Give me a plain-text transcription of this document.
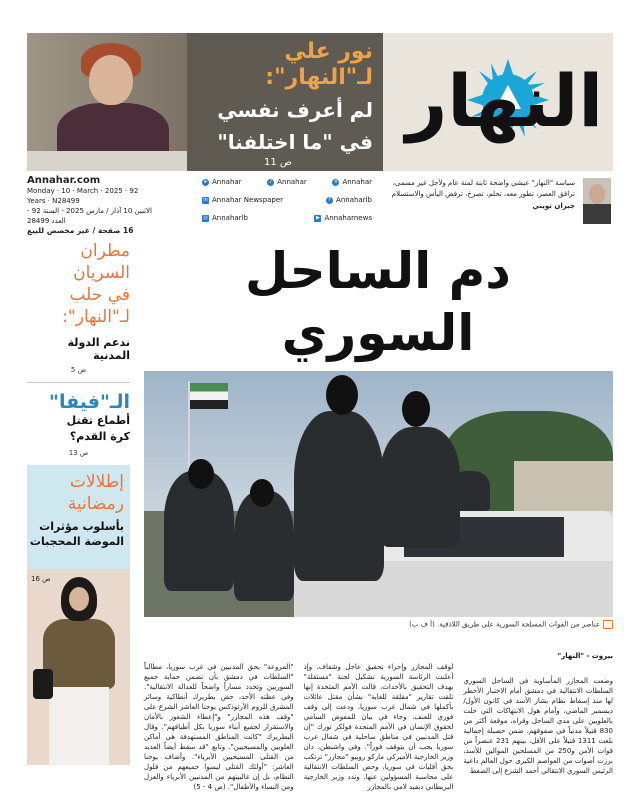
نور علي
لـ"النهار":
لم أعرف نفسي
في "ما اختلفنا"
ص 11
النهار
Annahar.com
Monday · 10 · March · 2025 · 92 Years · N28499
الاثنين 10 آذار / مارس 2025 - السنة 92 - العدد 28499
16 صفحة / غير مخصص للبيع
➤ Annahar	♪ Annahar	✕ Annahar
in Annahar Newspaper	f Annaharlb
◎ Annaharlb	▶ Annaharnews
سياسة "النهار" عيشي واضحة ثابتة لمنة عام ولأجل غير مسمى، ترافق العصر، تطور معه، تحلم، تصرخ، ترفض اليأس والاستسلام
جبران تويني
دم الساحل السوري
مطران السريان
في حلب
لـ"النهار":
ندعم الدولة المدنية
ص 5
الـ"فيفا"
أطماع تقتل
كرة القدم؟
ص 13
إطلالات
رمضانية
بأسلوب مؤثرات
الموضة المحجبات
ص 16
عناصر من القوات المسلحة السورية على طريق اللاذقية. (أ ف ب)
بيروت - "النهار"
وضعت المجازر المأساوية في الساحل السوري السلطات الانتقالية في دمشق أمام الاختبار الأخطر لها منذ إسقاط نظام بشار الأسد في كانون الأول/ديسمبر الماضي، وأمام هول الانتهاكات التي حلت بالعلويين على مدى الساحل وقراه، موقعة أكثر من 830 قتيلاً مدنياً في صفوفهم، ضمن حصيلة إجمالية بلغت 1311 قتيلاً على الأقل، بينهم 231 عنصراً من قوات الأمن و250 من المسلحين الموالين للأسد، برزت أصوات من العواصم الكبرى حول العالم داعية الرئيس السوري الانتقالي أحمد الشرع إلى الضغط
لوقف المجازر وإجراء تحقيق عاجل وشفاف. وإذ أعلنت الرئاسة السورية تشكيل لجنة "مستقلة" بهدف التحقيق بالأحداث، قالت الأمم المتحدة إنها تلقت تقارير "مقلقة للغاية" بشأن مقتل عائلات بأكملها في شمال غرب سوريا، ودعت إلى وقف فوري للعنف. وجاء في بيان للمفوض السامي لحقوق الإنسان في الأمم المتحدة فولكر تورك "إن قتل المدنيين في مناطق ساحلية في شمال غرب سوريا يجب أن يتوقف فوراً". وفي واشنطن، دان وزير الخارجية الأميركي ماركو روبيو "مجازر" ترتكب بحق أقليات في سوريا، وحض السلطات الانتقالية على محاسبة المسؤولين عنها. وندد وزير الخارجية البريطاني ديفيد لامي بالمجازر
"المروعة" بحق المدنيين في غرب سوريا، مطالباً "السلطات في دمشق بأن تضمن حماية جميع السوريين وتحدد مساراً واضحاً للعدالة الانتقالية". وفي عظته الأحد، حض بطريرك أنطاكية وسائر المشرق للروم الأرثوذكس يوحنا العاشر الشرع على "وقف هذه المجازر" و"إعطاء الشعور بالأمان والاستقرار لجميع أبناء سوريا بكل أطيافهم". وقال البطريرك "كانت المناطق المستهدفة هي أماكن العلويين والمسيحيين". وتابع "قد سقط أيضاً العديد من القتلى المسيحيين الأبرياء". وأضاف يوحنا العاشر: "أولئك القتلى ليسوا جميعهم من فلول النظام، بل إن غالبيتهم من المدنيين الأبرياء والعزل ومن النساء والأطفال". (ص 4 - 5)
